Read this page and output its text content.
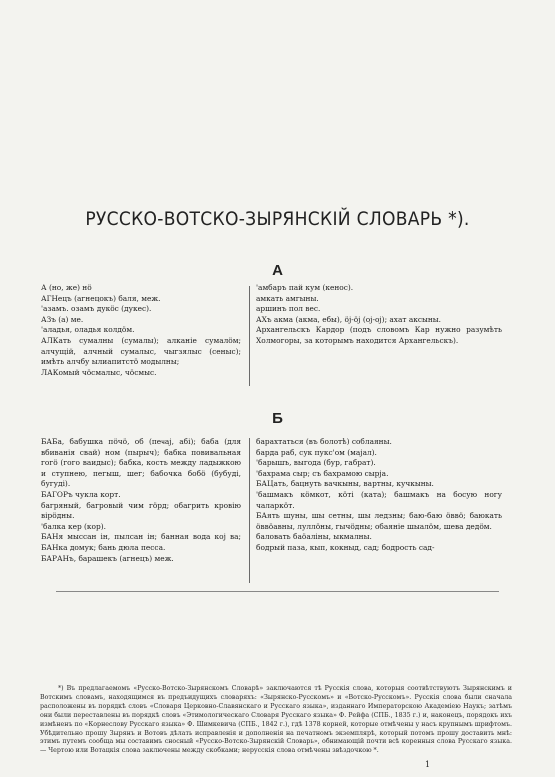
РУССКО-ВОТСКО-ЗЫРЯНСКІЙ СЛОВАРЬ *).
А

А (но, же) нӧ

АГНецъ (агнецокъ) баля, меж.

'азамъ. озамъ дукӧс (дукес).

АЗъ (а) ме.

'аладья, оладья колдӧм.

АЛКать сумалны (сумалы); алканіе сумалӧм; алчущій, алчный сумалыс, чыгзялыс (сеныс); имѣть алчбу ылиапитстӧ модылны;

ЛАКомый чӧсмалыс, чӧсмыс.

'амбаръ пай кум (кенос).

амкать амгыны.

аршинъ пол вес.

АХъ акма (акма, ебы), ӧј-ӧј (ој-ој); ахат аксыны.

Архангельскъ Кардор (подъ словомъ Кар нужно разумѣть Холмогоры, за которымъ находится Архангельскъ).

Б

БАБа, бабушка пӧчӧ, об (пеҹај, абі); баба (для вбиванія свай) ном (пырыч); бабка повивальная гогӧ (гого ваидыс); бабка, кость между ладыжкою и ступнею, пегыш, шег; бабочка бобӧ (бубуді, бугуді).

БАГОРъ чукла корт.

багряный, багровый чим гӧрд; обагрить кровію вірӧдны.

'балка кер (кор).

БАНя мыссан ін, пылсан ін; банная вода кој ва; БАНка домук; бань дюла песса.

БАРАНъ, барашекъ (агнецъ) меж.

барахтаться (въ болотѣ) соблаяны.

барда раб, сук пукс'ом (мајал).

'барышъ, выгода (бур, габрат).

'бахрама сыр; съ бахрамою сырја.

БАЦать, бацнуть вачкыны, вартны, кучкыны.

'башмакъ кӧмкот, кӧті (ката); башмакъ на босую ногу чаларкӧт.

БАять шуны, шы сетны, шы ледзны; баю-баю ӧввӧ; баюкать ӧввӧавны, луллӧны, гычӧдны; обаяніе шыалӧм, шева дедӧм.

баловать баӧаліны, ыкмалны.

бодрый паза, кып, кокныд, сад; бодрость сад-

*) Въ предлагаемомъ «Русско-Вотско-Зырянскомъ Словарѣ» заключаются тѣ Русскія слова, которыя соотвѣтствуютъ Зырянскимъ и Вотскимъ словамъ, находящимся въ предъидущихъ словаряхъ: «Зырянско-Русскомъ» и «Вотско-Русскомъ». Русскія слова были сначала расположены въ порядкѣ словъ «Словаря Церковно-Славянскаго и Русскаго языка», изданнаго Императорскою Академіею Наукъ; затѣмъ они были переставлены въ порядкѣ словъ «Этимологическаго Словаря Русскаго языка» Ф. Рейфа (СПБ., 1835 г.) и, наконецъ, порядокъ ихъ измѣненъ по «Корнесловy Русскаго языка» Ф. Шимкевича (СПБ., 1842 г.), гдѣ 1378 корней, которые отмѣчены у насъ крупнымъ шрифтомъ. Убѣдительно прошу Зырянъ и Вотовъ дѣлать исправленія и дополненія на печатномъ экземплярѣ, который потомъ прошу доставить мнѣ: этимъ путемъ сообща мы составимъ сносный «Русско-Вотско-Зырянскій Словарь», обнимающій почти всѣ коренныя слова Русскаго языка.— Чертою или Вотацкія слова заключены между скобками; нерусскія слова отмѣчены звѣздочкою *.

1
